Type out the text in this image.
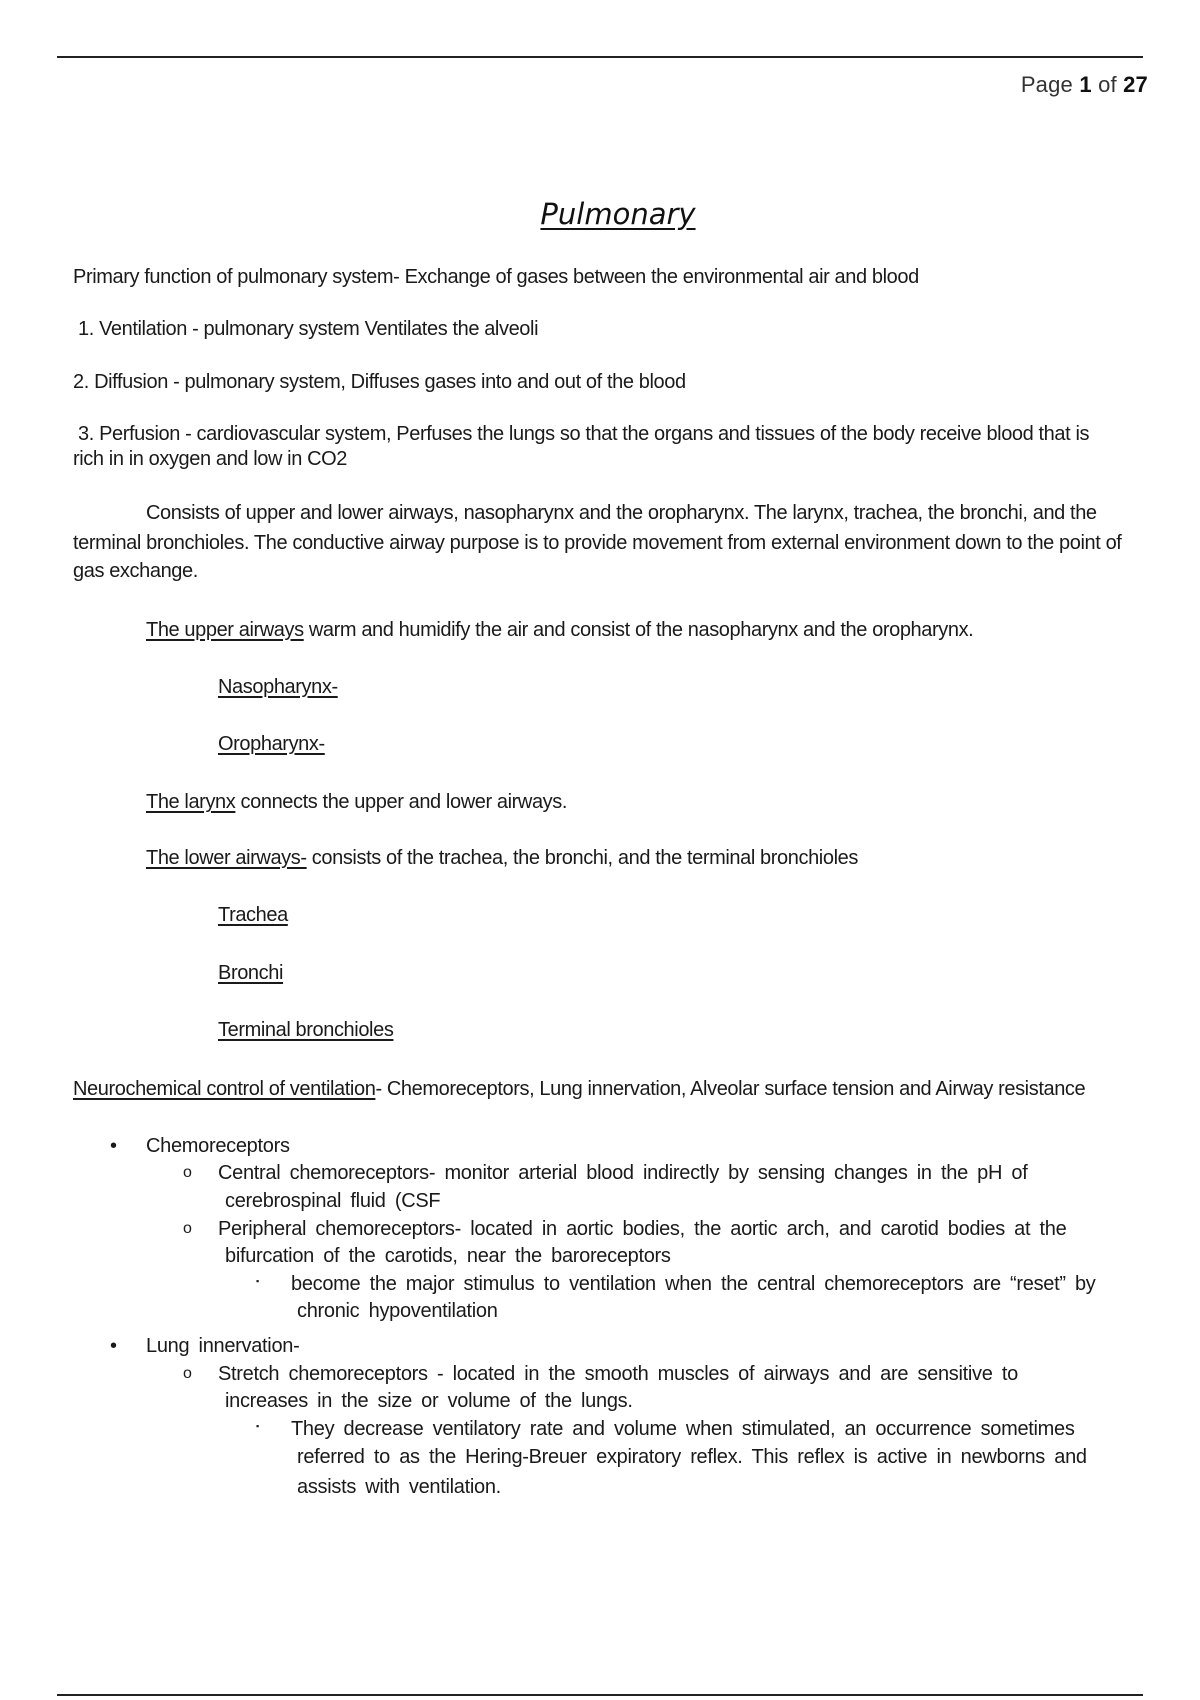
Page 1 of 27
Pulmonary
Primary function of pulmonary system- Exchange of gases between the environmental air and blood
1. Ventilation - pulmonary system Ventilates the alveoli
2. Diffusion - pulmonary system, Diffuses gases into and out of the blood
3. Perfusion - cardiovascular system, Perfuses the lungs so that the organs and tissues of the body receive blood that is
rich in in oxygen and low in CO2
Consists of upper and lower airways, nasopharynx and the oropharynx. The larynx, trachea, the bronchi, and the
terminal bronchioles. The conductive airway purpose is to provide movement from external environment down to the point of
gas exchange.
The upper airways warm and humidify the air and consist of the nasopharynx and the oropharynx.
Nasopharynx-
Oropharynx-
The larynx connects the upper and lower airways.
The lower airways- consists of the trachea, the bronchi, and the terminal bronchioles
Trachea
Bronchi
Terminal bronchioles
Neurochemical control of ventilation- Chemoreceptors, Lung innervation, Alveolar surface tension and Airway resistance
• Chemoreceptors
o Central chemoreceptors- monitor arterial blood indirectly by sensing changes in the pH of
cerebrospinal fluid (CSF
o Peripheral chemoreceptors- located in aortic bodies, the aortic arch, and carotid bodies at the
bifurcation of the carotids, near the baroreceptors
▪ become the major stimulus to ventilation when the central chemoreceptors are “reset” by
chronic hypoventilation
• Lung innervation-
o Stretch chemoreceptors - located in the smooth muscles of airways and are sensitive to
increases in the size or volume of the lungs.
▪ They decrease ventilatory rate and volume when stimulated, an occurrence sometimes
referred to as the Hering-Breuer expiratory reflex. This reflex is active in newborns and
assists with ventilation.
